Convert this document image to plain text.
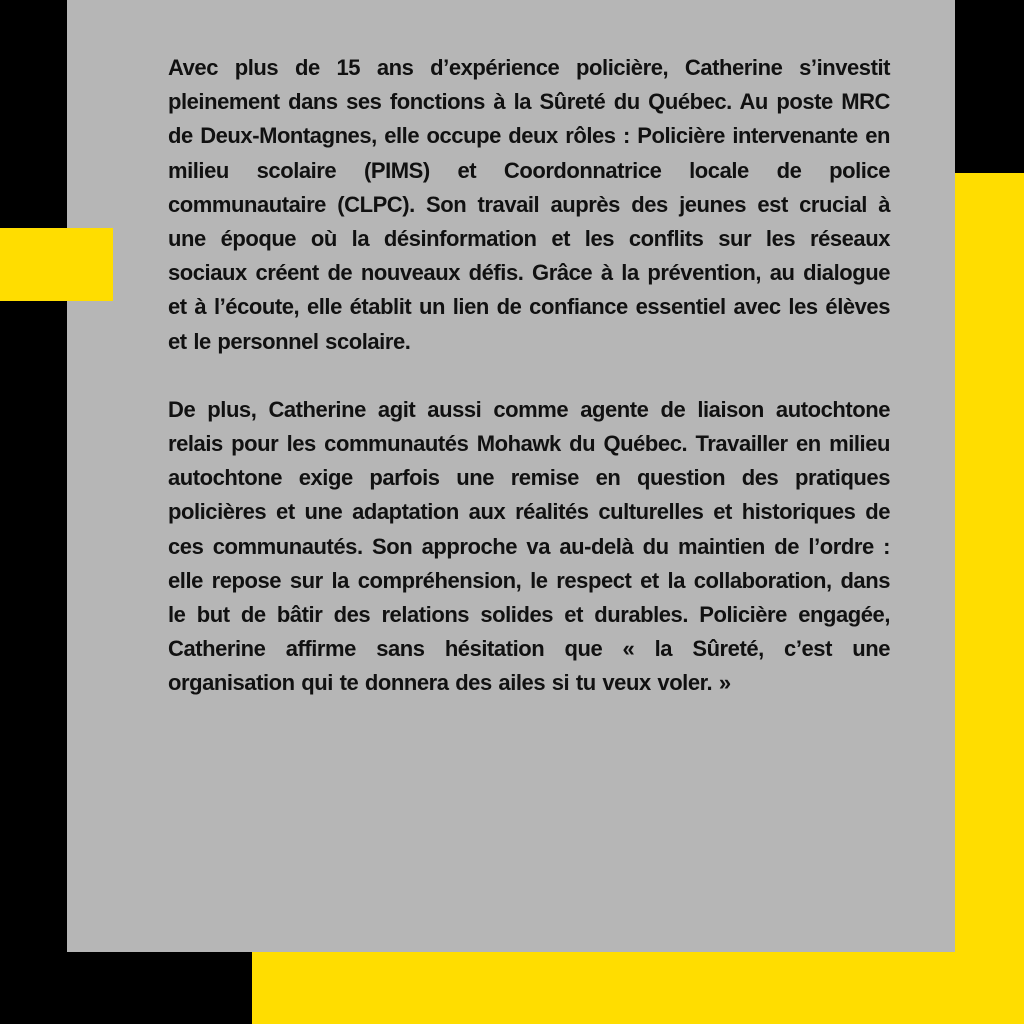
Avec plus de 15 ans d’expérience policière, Catherine s’investit pleinement dans ses fonctions à la Sûreté du Québec. Au poste MRC de Deux-Montagnes, elle occupe deux rôles : Policière intervenante en milieu scolaire (PIMS) et Coordonnatrice locale de police communautaire (CLPC). Son travail auprès des jeunes est crucial à une époque où la désinformation et les conflits sur les réseaux sociaux créent de nouveaux défis. Grâce à la prévention, au dialogue et à l’écoute, elle établit un lien de confiance essentiel avec les élèves et le personnel scolaire.

De plus, Catherine agit aussi comme agente de liaison autochtone relais pour les communautés Mohawk du Québec. Travailler en milieu autochtone exige parfois une remise en question des pratiques policières et une adaptation aux réalités culturelles et historiques de ces communautés. Son approche va au-delà du maintien de l’ordre : elle repose sur la compréhension, le respect et la collaboration, dans le but de bâtir des relations solides et durables. Policière engagée, Catherine affirme sans hésitation que « la Sûreté, c’est une organisation qui te donnera des ailes si tu veux voler. »
